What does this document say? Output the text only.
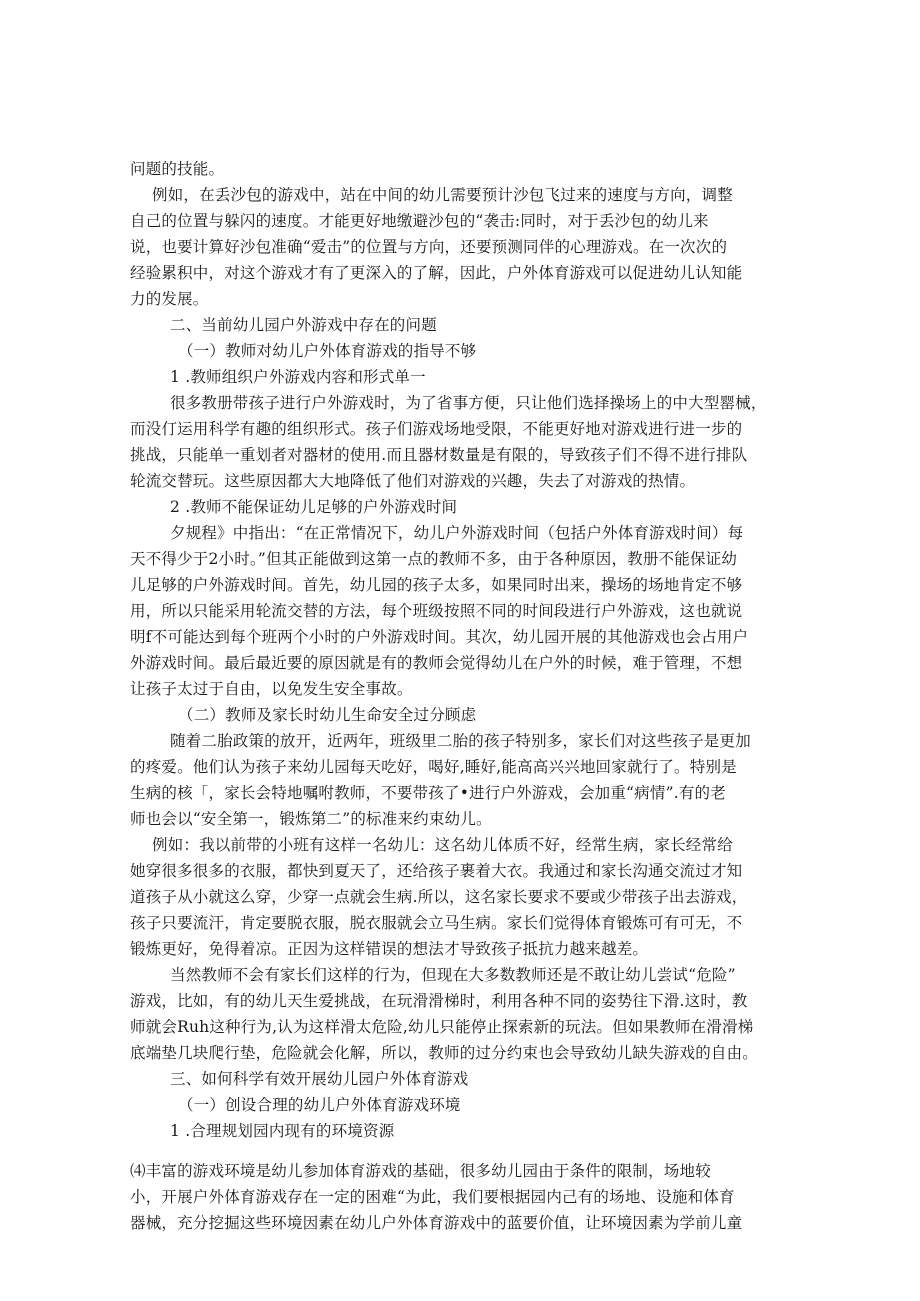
问题的技能。
例如，在丢沙包的游戏中，站在中间的幼儿需要预计沙包飞过来的速度与方向，调整
自己的位置与躲闪的速度。才能更好地缴避沙包的“袭击:同时，对于丢沙包的幼儿来
说，也要计算好沙包准确“爱击”的位置与方向，还要预测同伴的心理游戏。在一次次的
经验累积中，对这个游戏才有了更深入的了解，因此，户外体育游戏可以促进幼儿认知能
力的发展。
二、当前幼儿园户外游戏中存在的问题
（一）教师对幼儿户外体育游戏的指导不够
1 .教师组织户外游戏内容和形式单一
很多教册带孩子进行户外游戏时，为了省事方便，只让他们选择操场上的中大型罂械，
而没仃运用科学有趣的组织形式。孩子们游戏场地受限，不能更好地对游戏进行进一步的
挑战，只能单一重划者对器材的使用.而且器材数量是有限的，导致孩子们不得不进行排队
轮流交替玩。这些原因都大大地降低了他们对游戏的兴趣，失去了对游戏的热情。
2 .教师不能保证幼儿足够的户外游戏时间
夕规程》中指出：“在正常情况下，幼儿户外游戏时间（包括户外体育游戏时间）每
天不得少于2小时。”但其正能做到这第一点的教师不多，由于各种原因，教册不能保证幼
儿足够的户外游戏时间。首先，幼儿园的孩子太多，如果同时出来，操场的场地肯定不够
用，所以只能采用轮流交替的方法，每个班级按照不同的时间段进行户外游戏，这也就说
明f不可能达到每个班两个小时的户外游戏时间。其次，幼儿园开展的其他游戏也会占用户
外游戏时间。最后最近要的原因就是有的教师会觉得幼儿在户外的时候，难于管理，不想
让孩子太过于自由，以免发生安全事故。
（二）教师及家长时幼儿生命安全过分顾虑
随着二胎政策的放开，近两年，班级里二胎的孩子特别多，家长们对这些孩子是更加
的疼爱。他们认为孩子来幼儿园每天吃好，喝好,睡好,能高高兴兴地回家就行了。特别是
生病的核「，家长会特地嘱咐教师，不要带孩了•进行户外游戏，会加重“病情”.有的老
师也会以“安全第一，锻炼第二”的标准来约束幼儿。
例如：我以前带的小班有这样一名幼儿：这名幼儿体质不好，经常生病，家长经常给
她穿很多很多的衣服，都快到夏天了，还给孩子裹着大衣。我通过和家长沟通交流过才知
道孩子从小就这么穿，少穿一点就会生病.所以，这名家长要求不要或少带孩子出去游戏，
孩子只要流汗，肯定要脱衣服，脱衣服就会立马生病。家长们觉得体育锻炼可有可无，不
锻炼更好，免得着凉。正因为这样错误的想法才导致孩子抵抗力越来越差。
当然教师不会有家长们这样的行为，但现在大多数教师还是不敢让幼儿尝试“危险”
游戏，比如，有的幼儿天生爱挑战，在玩滑滑梯时，利用各种不同的姿势往下滑.这时，教
师就会Ruh这种行为,认为这样滑太危险,幼儿只能停止探索新的玩法。但如果教师在滑滑梯
底端垫几块爬行垫，危险就会化解，所以，教师的过分约束也会导致幼儿缺失游戏的自由。
三、如何科学有效开展幼儿园户外体育游戏
（一）创设合理的幼儿户外体育游戏环境
1 .合理规划园内现有的环境资源
⑷丰富的游戏环境是幼儿参加体育游戏的基础，很多幼儿园由于条件的限制，场地较
小，开展户外体育游戏存在一定的困难“为此，我们要根据园内己有的场地、设施和体育
器械，充分挖掘这些环境因素在幼儿户外体育游戏中的蓝要价值，让环境因素为学前儿童
